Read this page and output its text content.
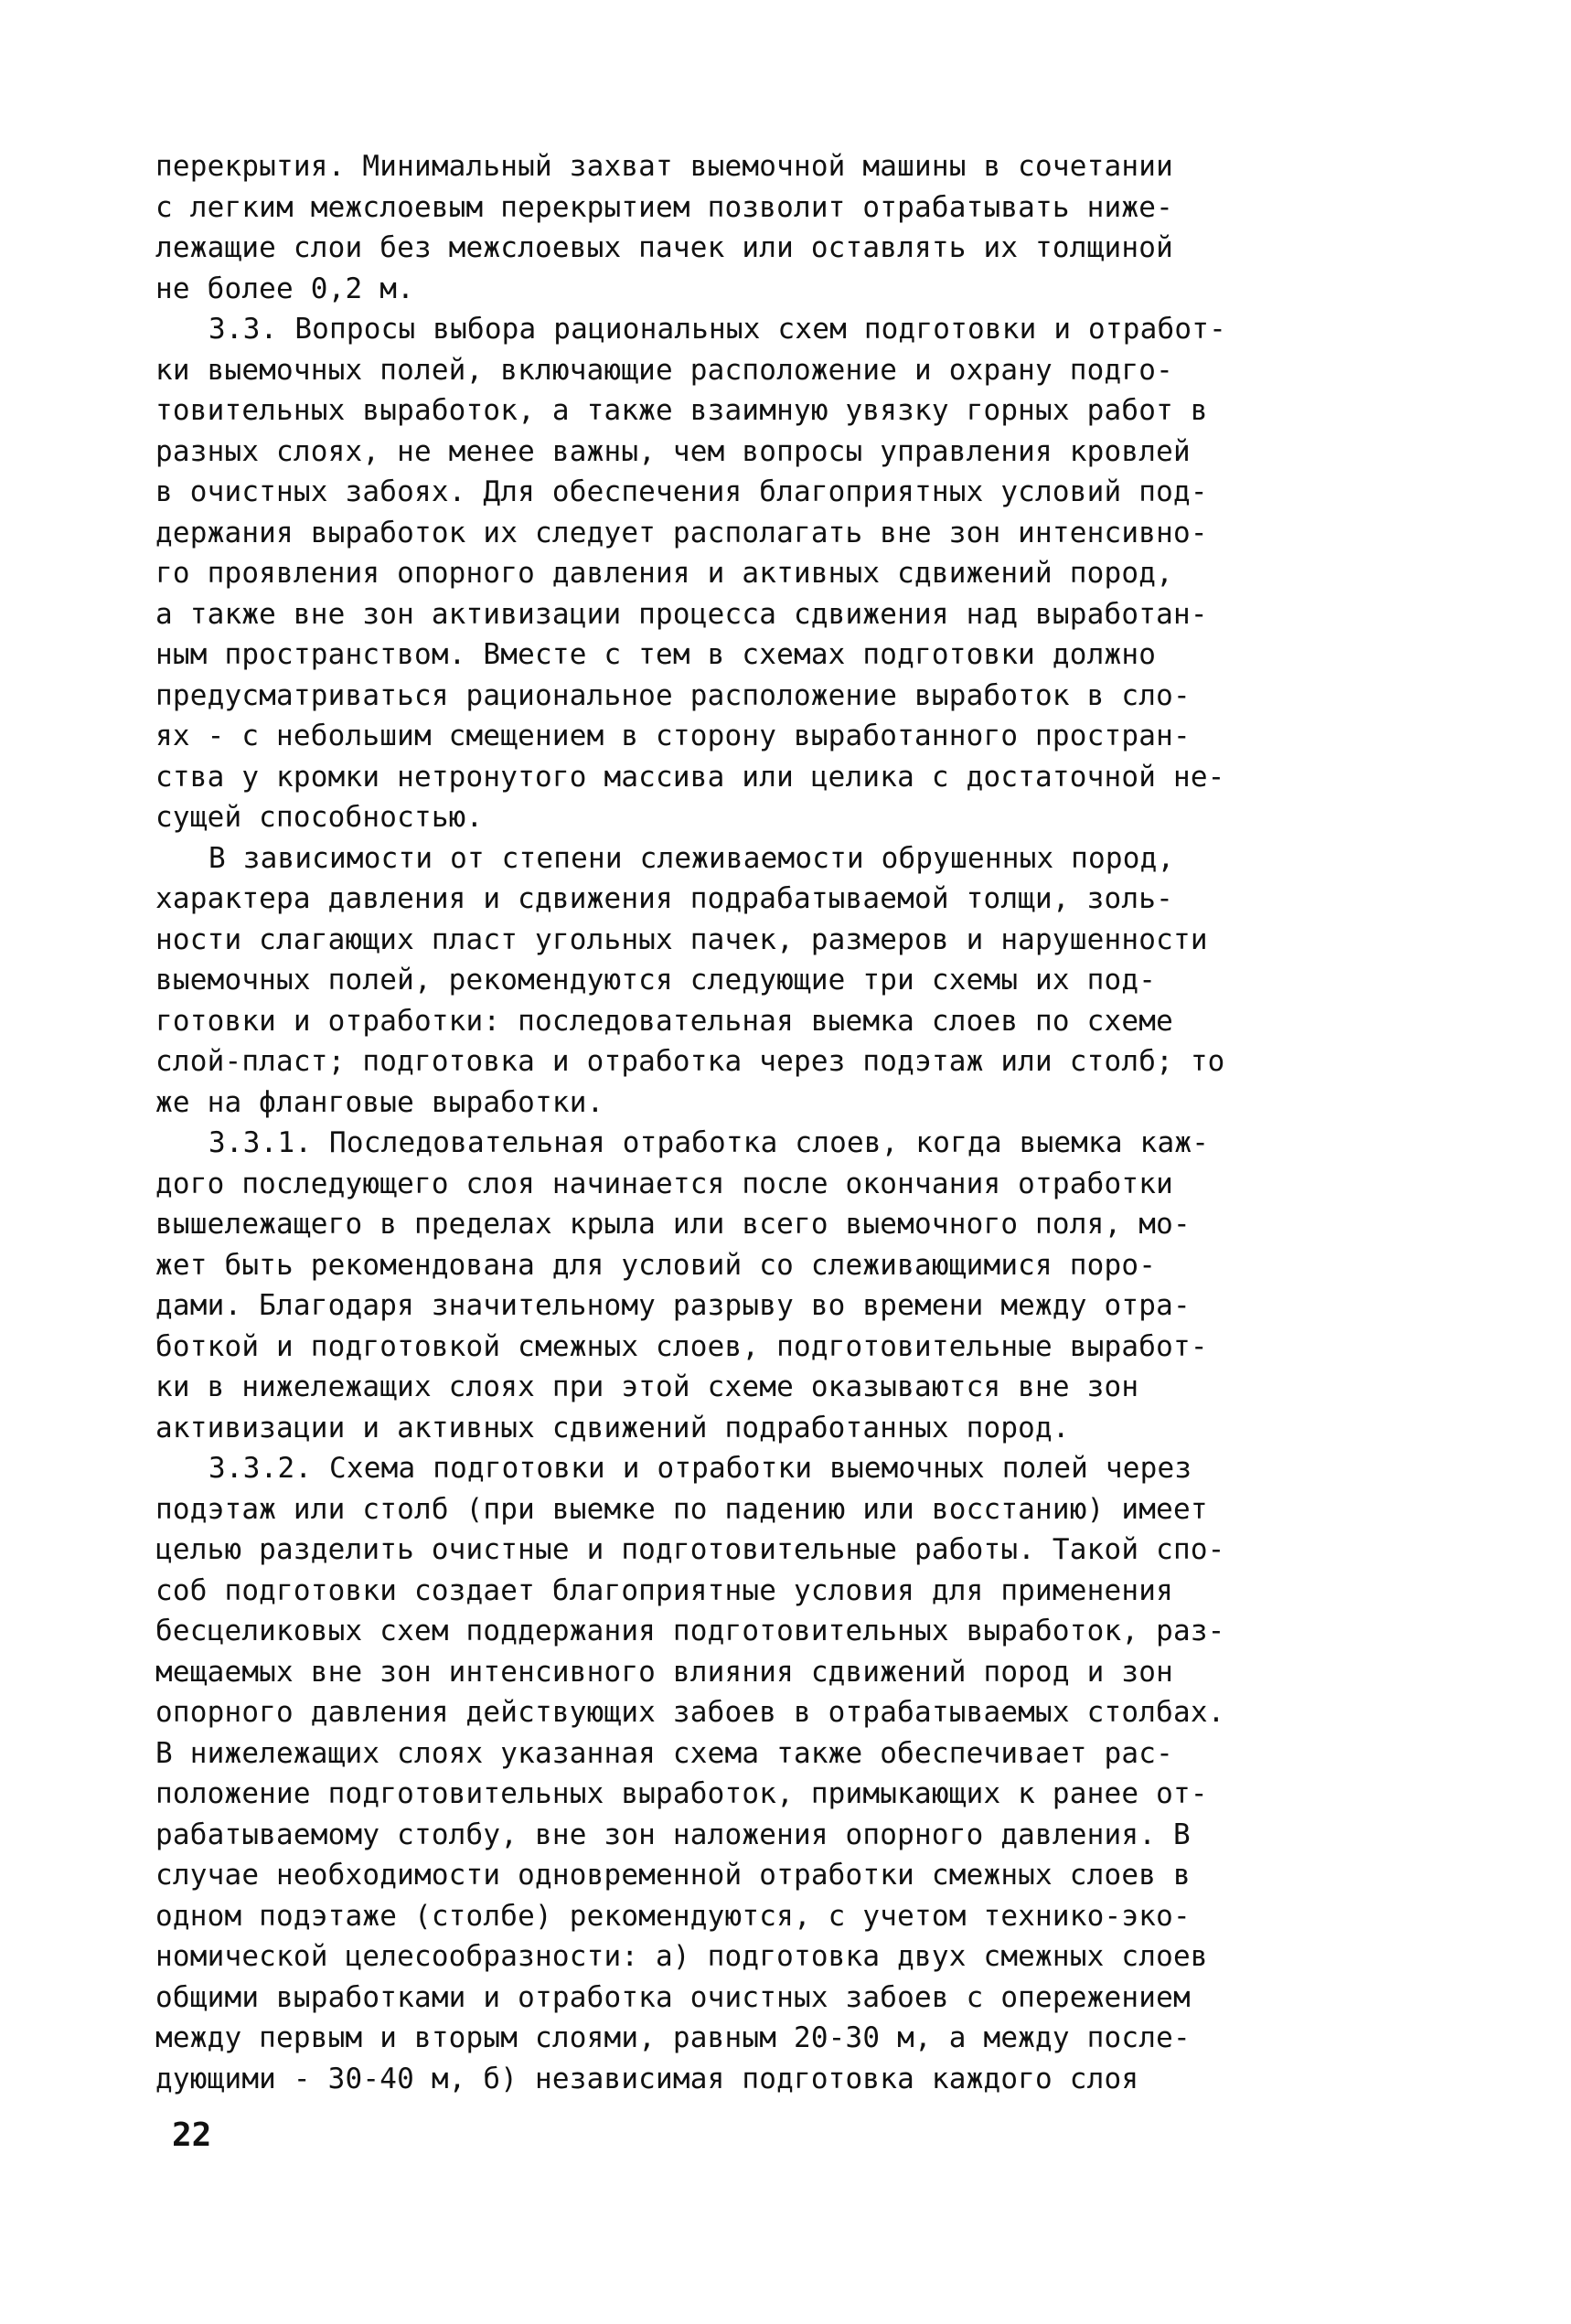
перекрытия. Минимальный захват выемочной машины в сочетании
с легким межслоевым перекрытием позволит отрабатывать ниже-
лежащие слои без межслоевых пачек или оставлять их толщиной
не более 0,2 м.
3.3. Вопросы выбора рациональных схем подготовки и отработ-
ки выемочных полей, включающие расположение и охрану подго-
товительных выработок, а также взаимную увязку горных работ в
разных слоях, не менее важны, чем вопросы управления кровлей
в очистных забоях. Для обеспечения благоприятных условий под-
держания выработок их следует располагать вне зон интенсивно-
го проявления опорного давления и активных сдвижений пород,
а также вне зон активизации процесса сдвижения над выработан-
ным пространством. Вместе с тем в схемах подготовки должно
предусматриваться рациональное расположение выработок в сло-
ях - с небольшим смещением в сторону выработанного простран-
ства у кромки нетронутого массива или целика с достаточной не-
сущей способностью.
В зависимости от степени слеживаемости обрушенных пород,
характера давления и сдвижения подрабатываемой толщи, золь-
ности слагающих пласт угольных пачек, размеров и нарушенности
выемочных полей, рекомендуются следующие три схемы их под-
готовки и отработки: последовательная выемка слоев по схеме
слой-пласт; подготовка и отработка через подэтаж или столб; то
же на фланговые выработки.
3.3.1. Последовательная отработка слоев, когда выемка каж-
дого последующего слоя начинается после окончания отработки
вышележащего в пределах крыла или всего выемочного поля, мо-
жет быть рекомендована для условий со слеживающимися поро-
дами. Благодаря значительному разрыву во времени между отра-
боткой и подготовкой смежных слоев, подготовительные выработ-
ки в нижележащих слоях при этой схеме оказываются вне зон
активизации и активных сдвижений подработанных пород.
3.3.2. Схема подготовки и отработки выемочных полей через
подэтаж или столб (при выемке по падению или восстанию) имеет
целью разделить очистные и подготовительные работы. Такой спо-
соб подготовки создает благоприятные условия для применения
бесцеликовых схем поддержания подготовительных выработок, раз-
мещаемых вне зон интенсивного влияния сдвижений пород и зон
опорного давления действующих забоев в отрабатываемых столбах.
В нижележащих слоях указанная схема также обеспечивает рас-
положение подготовительных выработок, примыкающих к ранее от-
рабатываемому столбу, вне зон наложения опорного давления. В
случае необходимости одновременной отработки смежных слоев в
одном подэтаже (столбе) рекомендуются, с учетом технико-эко-
номической целесообразности: а) подготовка двух смежных слоев
общими выработками и отработка очистных забоев с опережением
между первым и вторым слоями, равным 20-30 м, а между после-
дующими - 30-40 м, б) независимая подготовка каждого слоя
22
